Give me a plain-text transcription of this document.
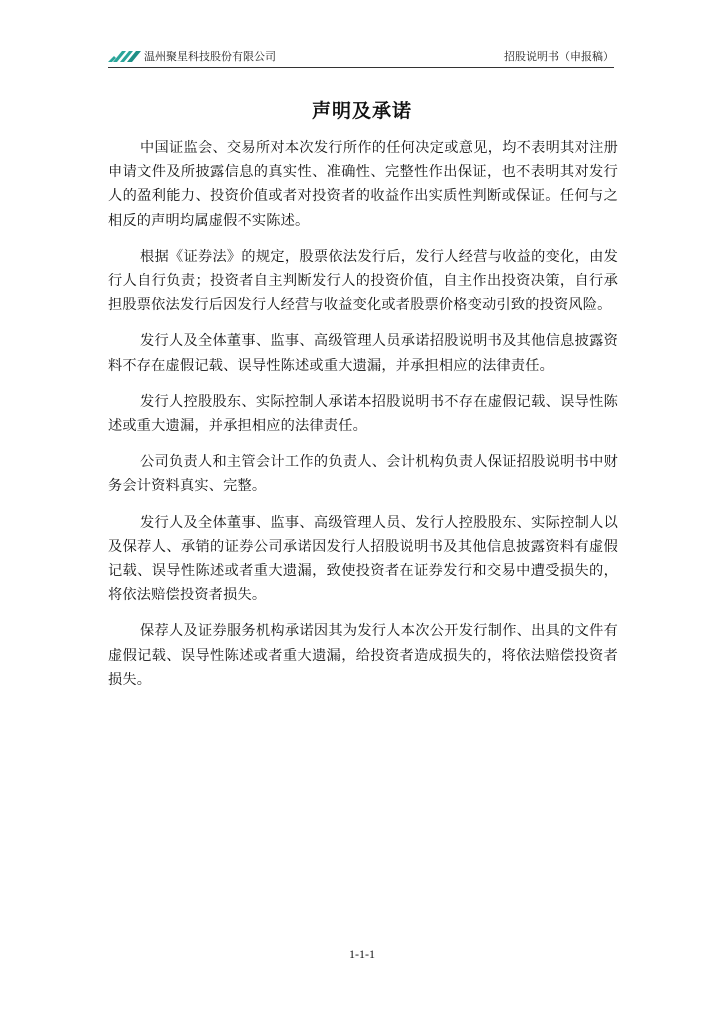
温州聚星科技股份有限公司	招股说明书（申报稿）
声明及承诺

中国证监会、交易所对本次发行所作的任何决定或意见，均不表明其对注册申请文件及所披露信息的真实性、准确性、完整性作出保证，也不表明其对发行人的盈利能力、投资价值或者对投资者的收益作出实质性判断或保证。任何与之相反的声明均属虚假不实陈述。

根据《证券法》的规定，股票依法发行后，发行人经营与收益的变化，由发行人自行负责；投资者自主判断发行人的投资价值，自主作出投资决策，自行承担股票依法发行后因发行人经营与收益变化或者股票价格变动引致的投资风险。

发行人及全体董事、监事、高级管理人员承诺招股说明书及其他信息披露资料不存在虚假记载、误导性陈述或重大遗漏，并承担相应的法律责任。

发行人控股股东、实际控制人承诺本招股说明书不存在虚假记载、误导性陈述或重大遗漏，并承担相应的法律责任。

公司负责人和主管会计工作的负责人、会计机构负责人保证招股说明书中财务会计资料真实、完整。

发行人及全体董事、监事、高级管理人员、发行人控股股东、实际控制人以及保荐人、承销的证券公司承诺因发行人招股说明书及其他信息披露资料有虚假记载、误导性陈述或者重大遗漏，致使投资者在证券发行和交易中遭受损失的，将依法赔偿投资者损失。

保荐人及证券服务机构承诺因其为发行人本次公开发行制作、出具的文件有虚假记载、误导性陈述或者重大遗漏，给投资者造成损失的，将依法赔偿投资者损失。

1-1-1
